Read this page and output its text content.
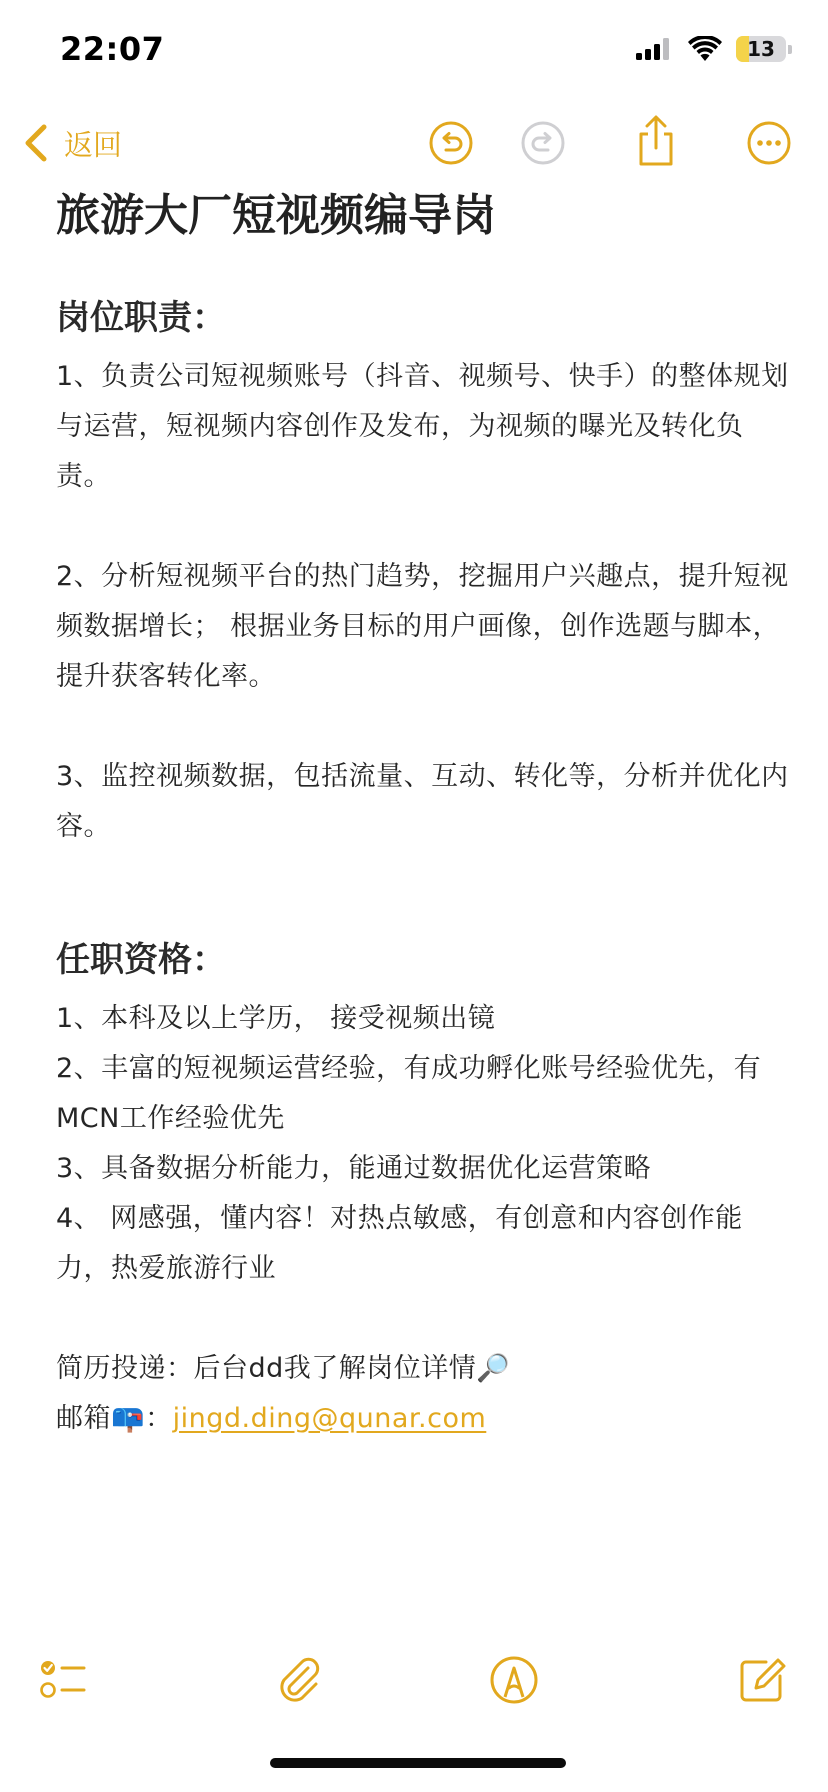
22:07	13
返回
旅游大厂短视频编导岗
岗位职责：

1、负责公司短视频账号（抖音、视频号、快手）的整体规划与运营，短视频内容创作及发布，为视频的曝光及转化负责。

2、分析短视频平台的热门趋势，挖掘用户兴趣点，提升短视频数据增长； 根据业务目标的用户画像，创作选题与脚本，提升获客转化率。

3、监控视频数据，包括流量、互动、转化等，分析并优化内容。

任职资格：

1、本科及以上学历， 接受视频出镜

2、丰富的短视频运营经验，有成功孵化账号经验优先，有MCN工作经验优先

3、具备数据分析能力，能通过数据优化运营策略

4、 网感强，懂内容！对热点敏感，有创意和内容创作能力，热爱旅游行业

简历投递：后台dd我了解岗位详情🔎

邮箱📪：jingd.ding@qunar.com
